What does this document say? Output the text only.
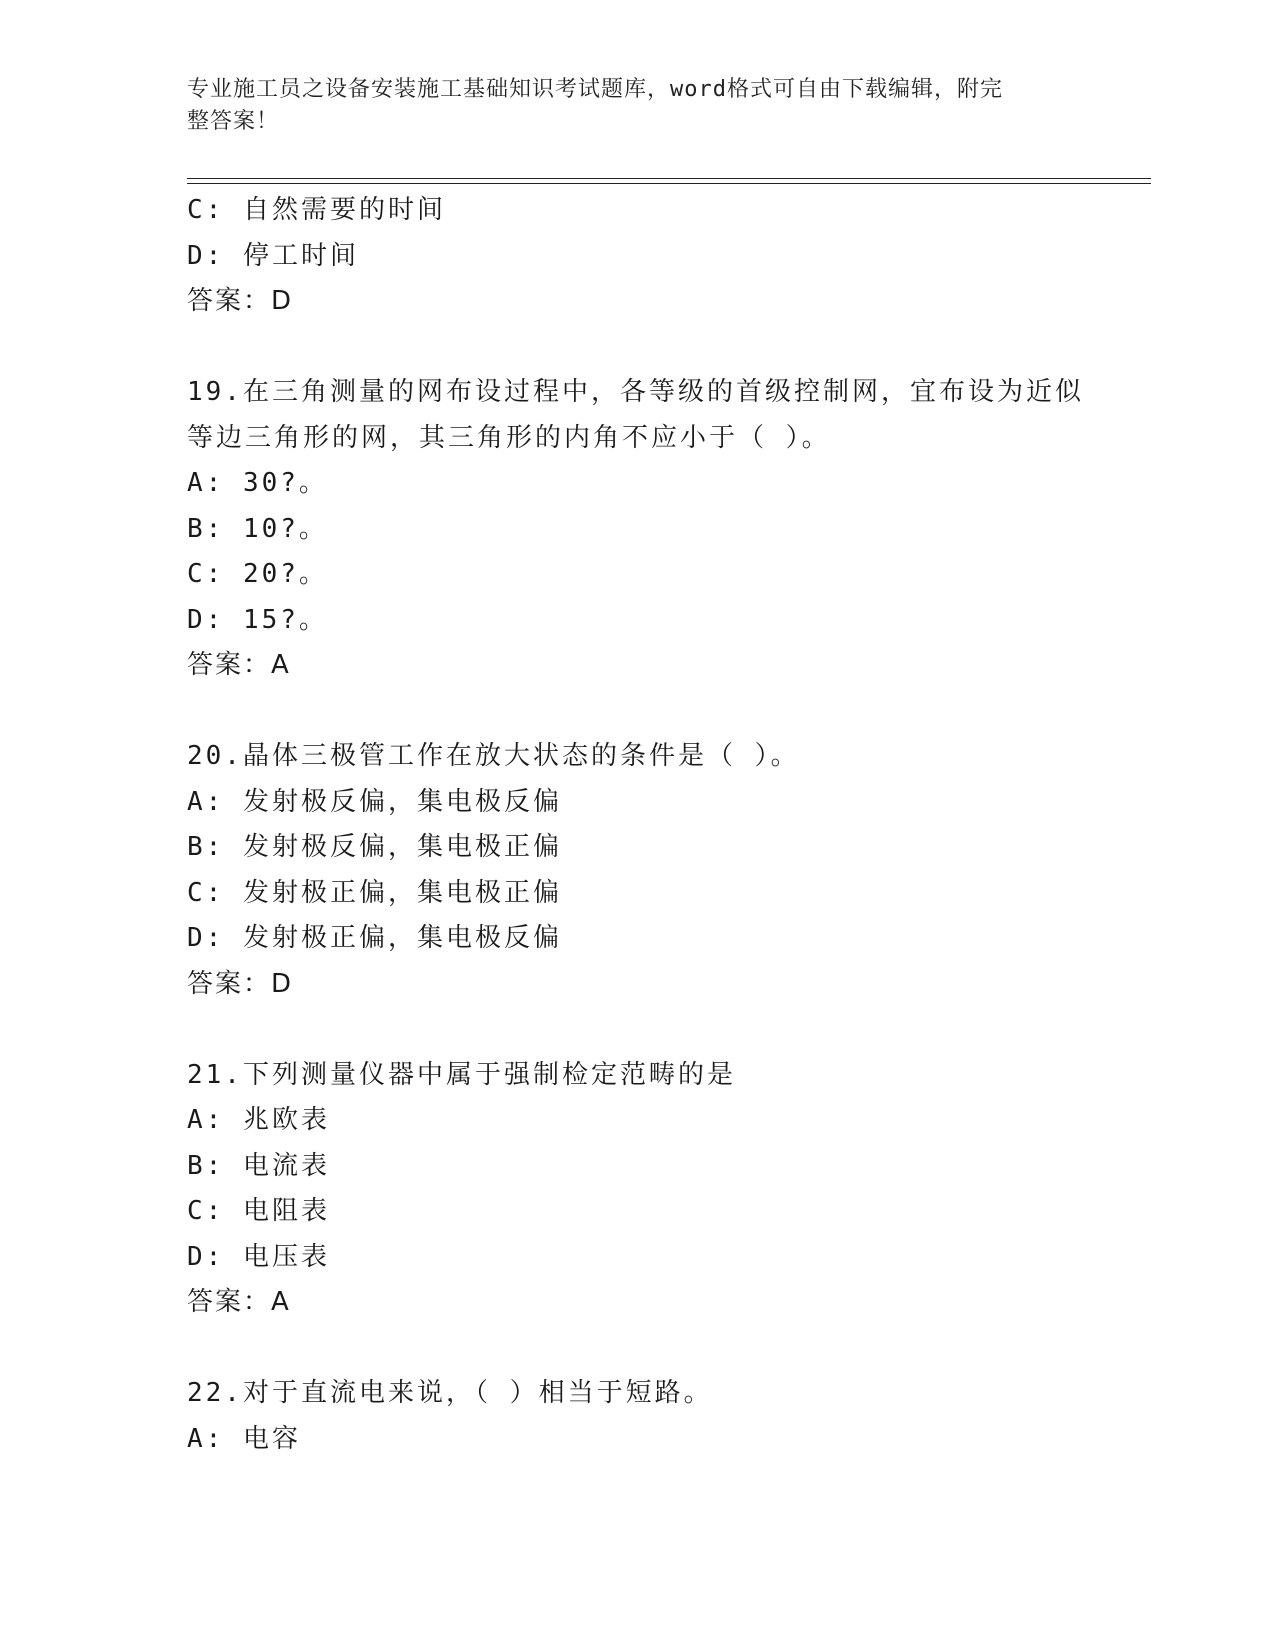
专业施工员之设备安装施工基础知识考试题库，word格式可自由下载编辑，附完
整答案！
C: 自然需要的时间
D: 停工时间
答案：D
19.在三角测量的网布设过程中，各等级的首级控制网，宜布设为近似
等边三角形的网，其三角形的内角不应小于（ ）。
A: 30?。
B: 10?。
C: 20?。
D: 15?。
答案：A
20.晶体三极管工作在放大状态的条件是（ ）。
A: 发射极反偏，集电极反偏
B: 发射极反偏，集电极正偏
C: 发射极正偏，集电极正偏
D: 发射极正偏，集电极反偏
答案：D
21.下列测量仪器中属于强制检定范畴的是
A: 兆欧表
B: 电流表
C: 电阻表
D: 电压表
答案：A
22.对于直流电来说，（ ）相当于短路。
A: 电容
